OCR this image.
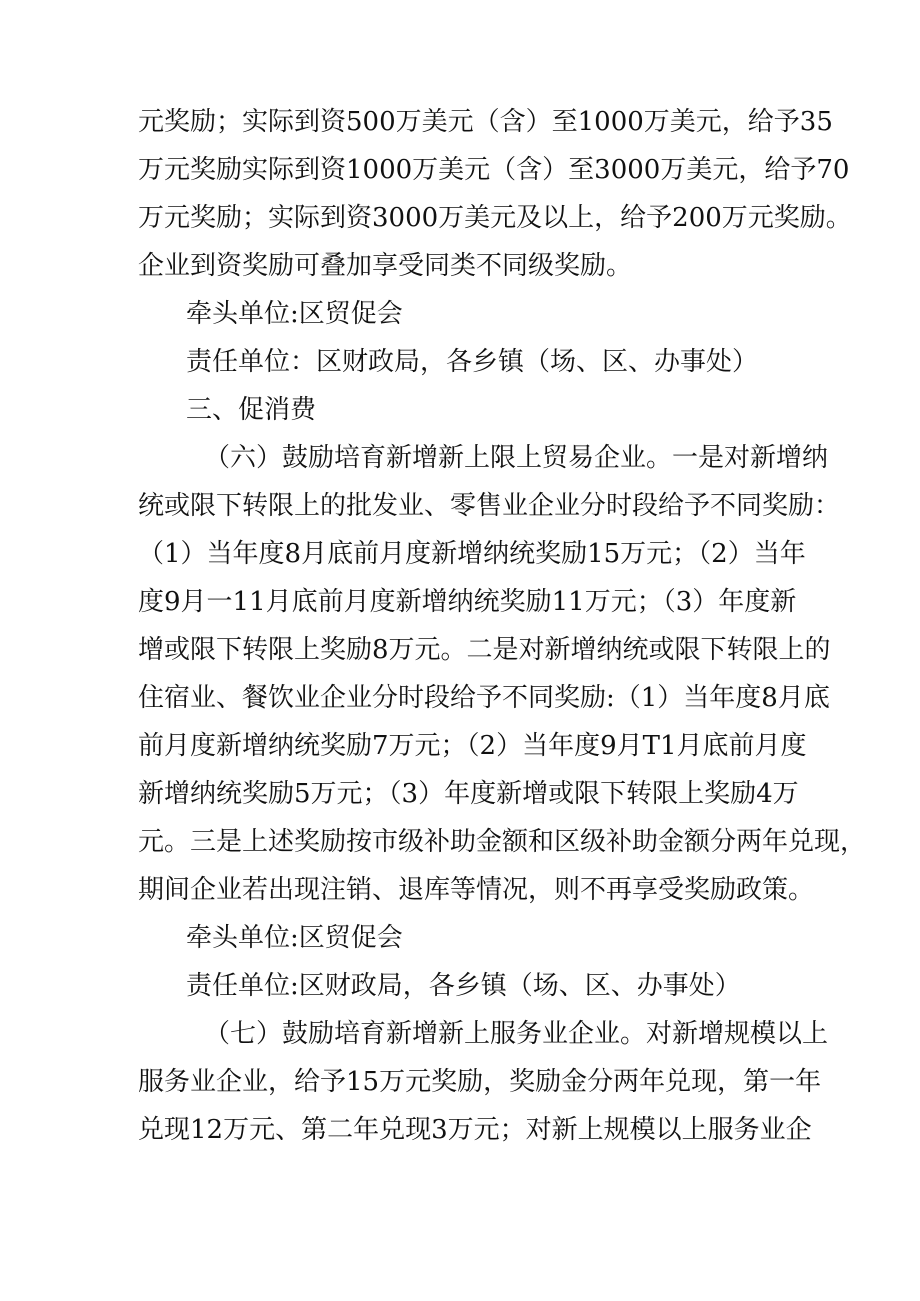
元奖励；实际到资500万美元（含）至1000万美元，给予35
万元奖励实际到资1000万美元（含）至3000万美元，给予70
万元奖励；实际到资3000万美元及以上，给予200万元奖励。
企业到资奖励可叠加享受同类不同级奖励。
牵头单位:区贸促会
责任单位：区财政局，各乡镇（场、区、办事处）
三、促消费
（六）鼓励培育新增新上限上贸易企业。一是对新增纳
统或限下转限上的批发业、零售业企业分时段给予不同奖励：
（1）当年度8月底前月度新增纳统奖励15万元；（2）当年
度9月一11月底前月度新增纳统奖励11万元；（3）年度新
增或限下转限上奖励8万元。二是对新增纳统或限下转限上的
住宿业、餐饮业企业分时段给予不同奖励:（1）当年度8月底
前月度新增纳统奖励7万元；（2）当年度9月T1月底前月度
新增纳统奖励5万元；（3）年度新增或限下转限上奖励4万
元。三是上述奖励按市级补助金额和区级补助金额分两年兑现，
期间企业若出现注销、退库等情况，则不再享受奖励政策。
牵头单位:区贸促会
责任单位:区财政局，各乡镇（场、区、办事处）
（七）鼓励培育新增新上服务业企业。对新增规模以上
服务业企业，给予15万元奖励，奖励金分两年兑现，第一年
兑现12万元、第二年兑现3万元；对新上规模以上服务业企
